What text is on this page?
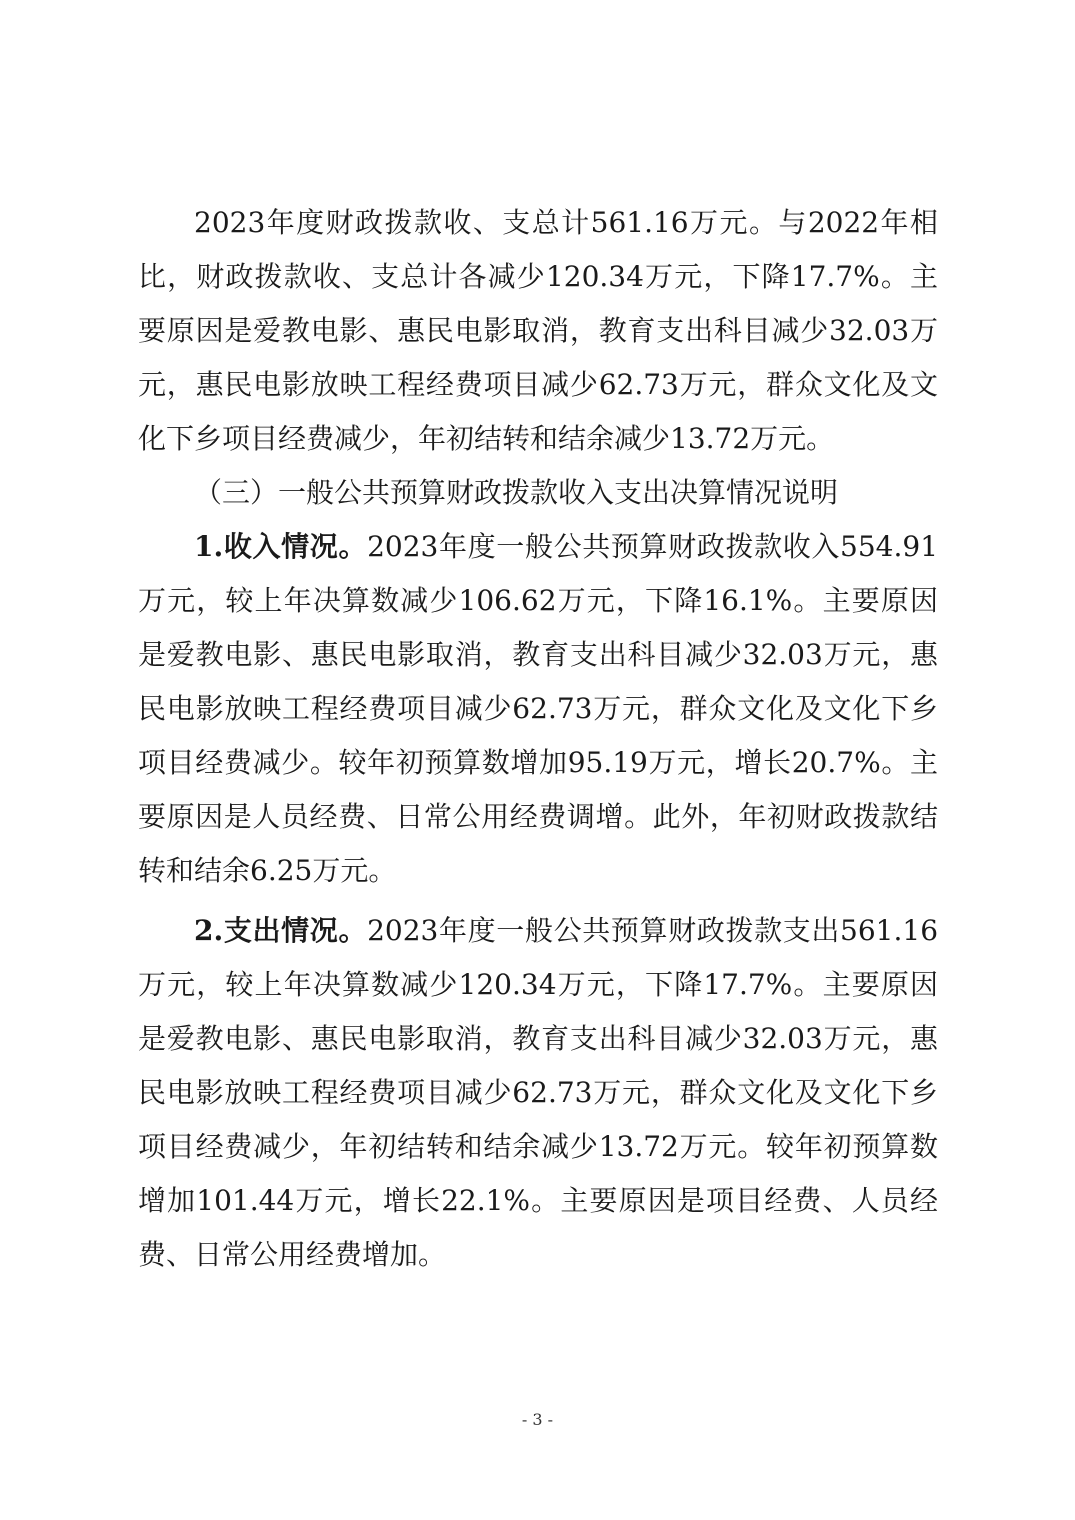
2023年度财政拨款收、支总计561.16万元。与2022年相比，财政拨款收、支总计各减少120.34万元，下降17.7%。主要原因是爱教电影、惠民电影取消，教育支出科目减少32.03万元，惠民电影放映工程经费项目减少62.73万元，群众文化及文化下乡项目经费减少，年初结转和结余减少13.72万元。

（三）一般公共预算财政拨款收入支出决算情况说明

1.收入情况。2023年度一般公共预算财政拨款收入554.91万元，较上年决算数减少106.62万元，下降16.1%。主要原因是爱教电影、惠民电影取消，教育支出科目减少32.03万元，惠民电影放映工程经费项目减少62.73万元，群众文化及文化下乡项目经费减少。较年初预算数增加95.19万元，增长20.7%。主要原因是人员经费、日常公用经费调增。此外，年初财政拨款结转和结余6.25万元。

2.支出情况。2023年度一般公共预算财政拨款支出561.16万元，较上年决算数减少120.34万元，下降17.7%。主要原因是爱教电影、惠民电影取消，教育支出科目减少32.03万元，惠民电影放映工程经费项目减少62.73万元，群众文化及文化下乡项目经费减少，年初结转和结余减少13.72万元。较年初预算数增加101.44万元，增长22.1%。主要原因是项目经费、人员经费、日常公用经费增加。

- 3 -
